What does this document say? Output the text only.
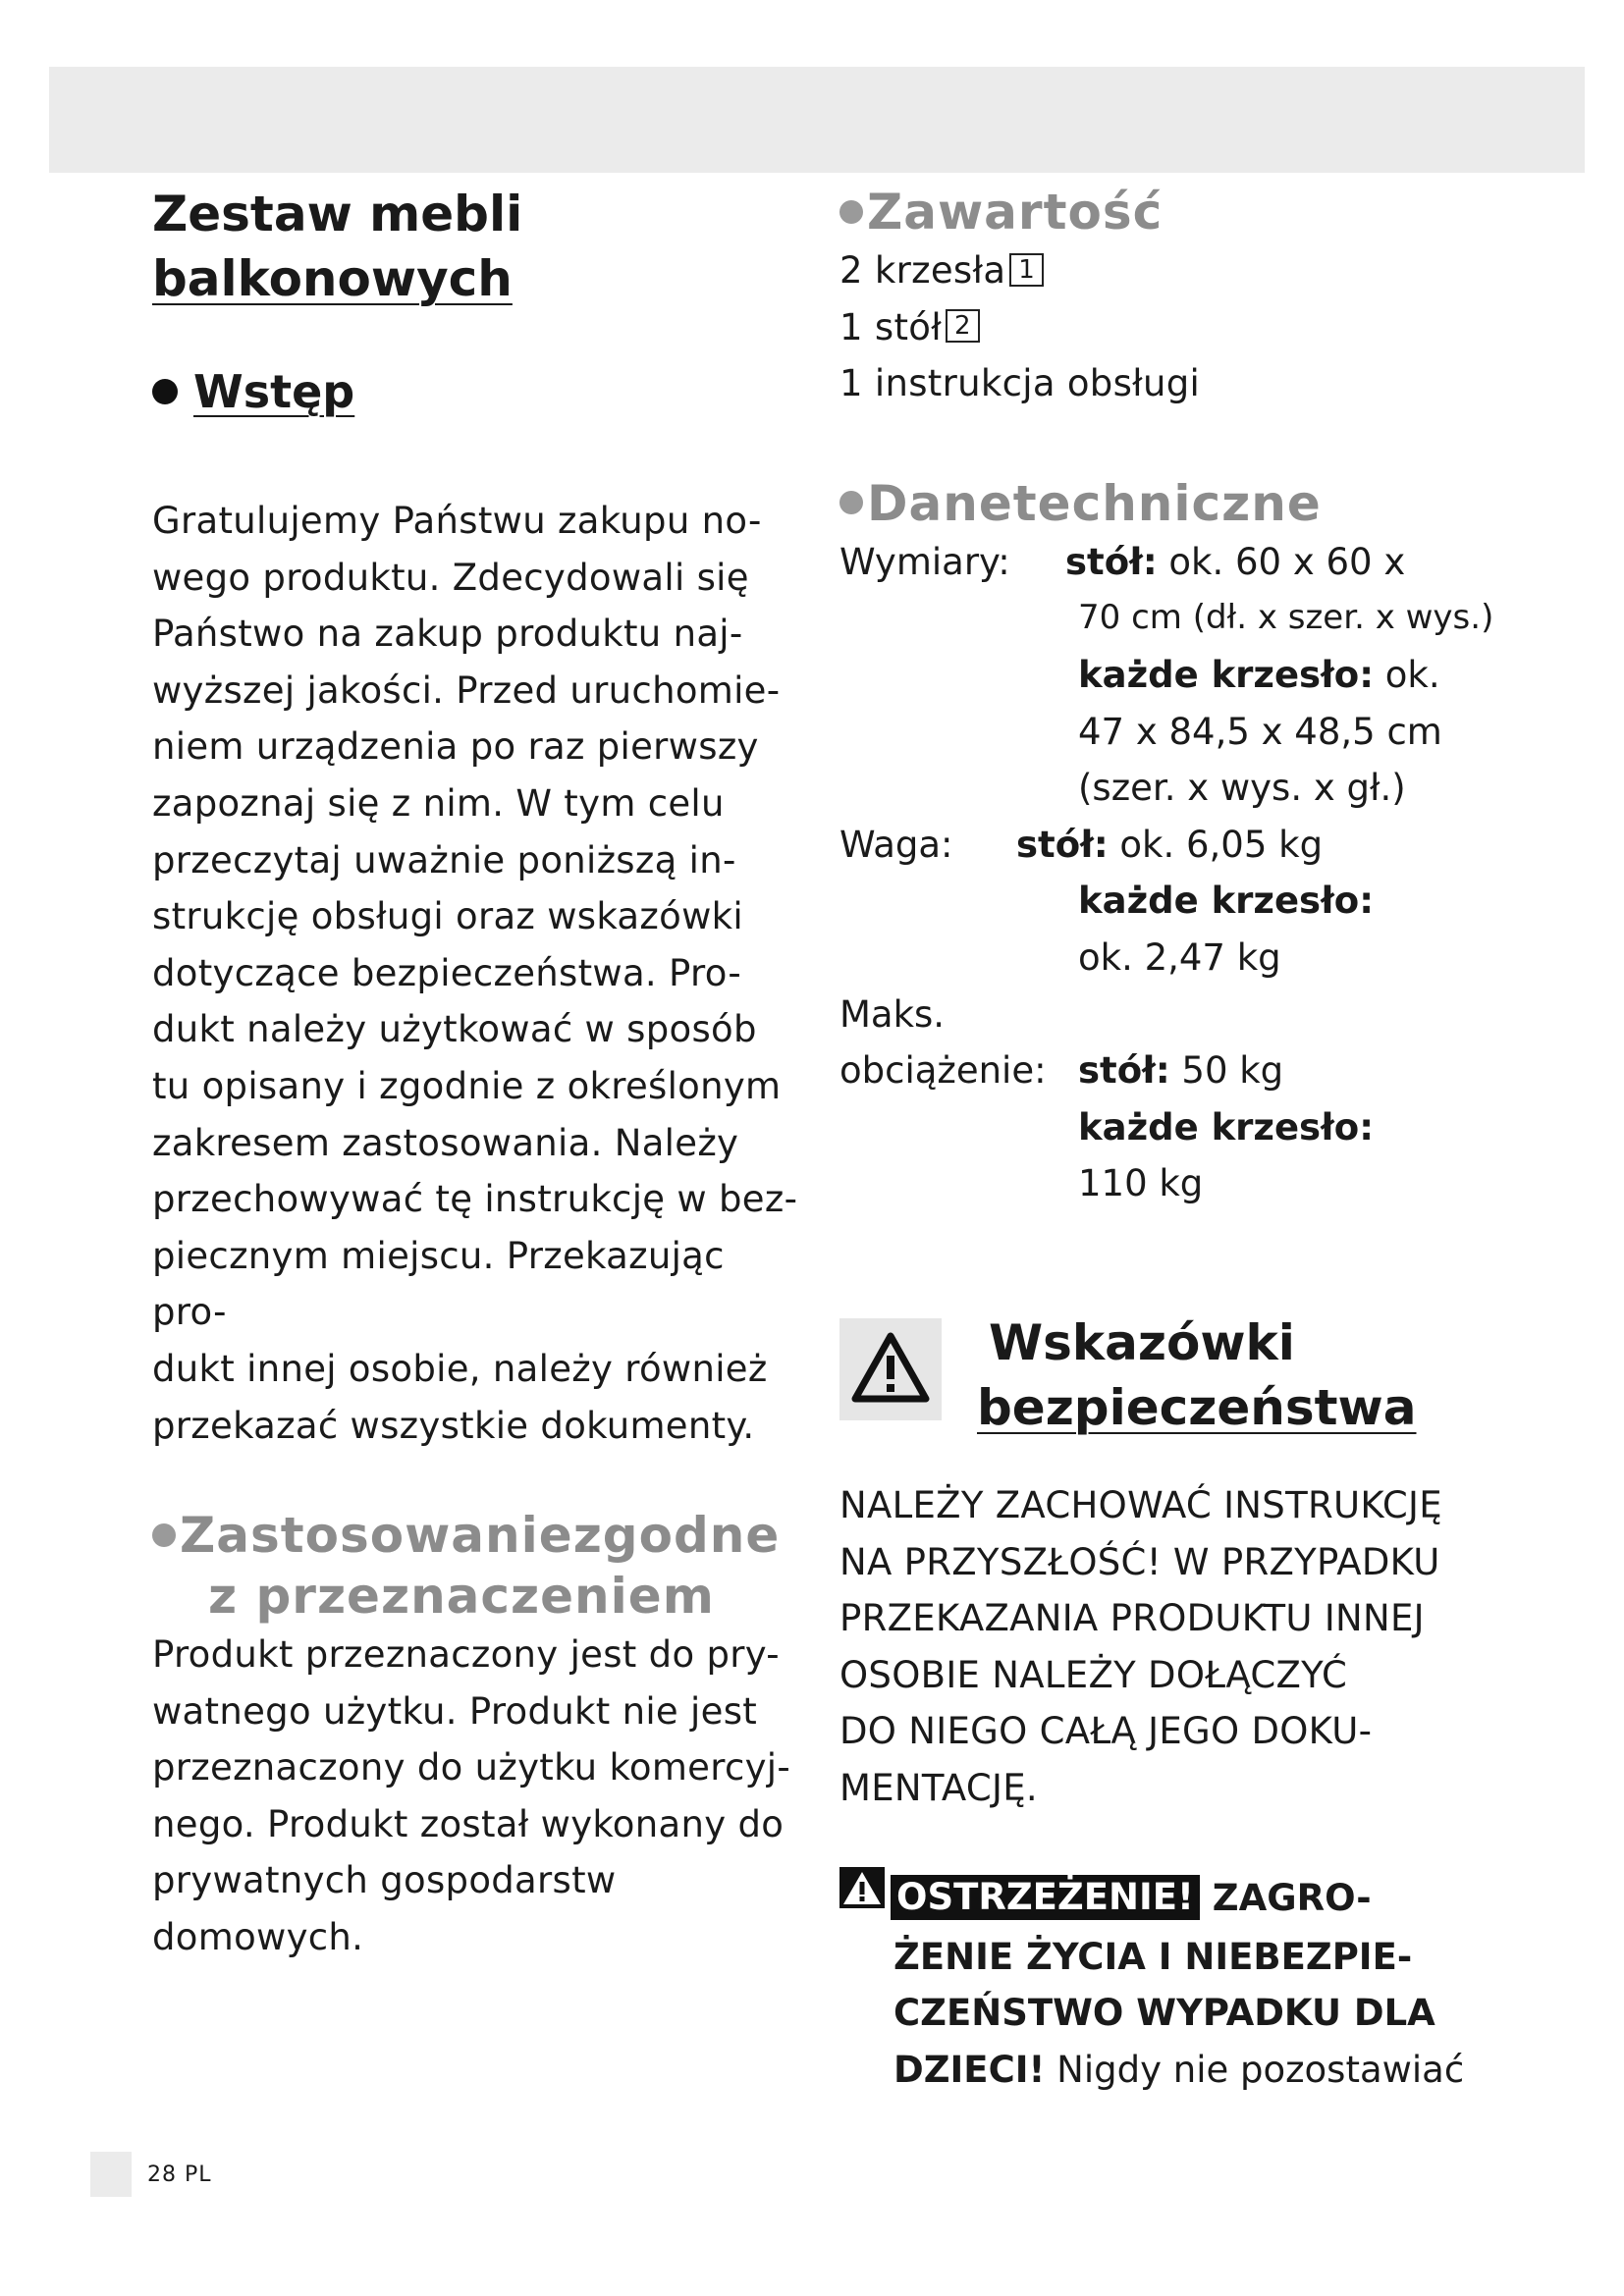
Zestaw mebli
balkonowych
Wstęp
Gratulujemy Państwu zakupu no-
wego produktu. Zdecydowali się
Państwo na zakup produktu naj-
wyższej jakości. Przed uruchomie-
niem urządzenia po raz pierwszy
zapoznaj się z nim. W tym celu
przeczytaj uważnie poniższą in-
strukcję obsługi oraz wskazówki
dotyczące bezpieczeństwa. Pro-
dukt należy użytkować w sposób
tu opisany i zgodnie z określonym
zakresem zastosowania. Należy
przechowywać tę instrukcję w bez-
piecznym miejscu. Przekazując pro-
dukt innej osobie, należy również
przekazać wszystkie dokumenty.
Zastosowaniezgodne
z przeznaczeniem
Produkt przeznaczony jest do pry-
watnego użytku. Produkt nie jest
przeznaczony do użytku komercyj-
nego. Produkt został wykonany do
prywatnych gospodarstw domowych.
Zawartość
2 krzesła 1
1 stół 2
1 instrukcja obsługi
Danetechniczne
Wymiary: stół: ok. 60 x 60 x
70 cm (dł. x szer. x wys.)
każde krzesło: ok.
47 x 84,5 x 48,5 cm
(szer. x wys. x gł.)
Waga: stół: ok. 6,05 kg
każde krzesło:
ok. 2,47 kg
Maks.
obciążenie: stół: 50 kg
każde krzesło:
110 kg
Wskazówki
bezpieczeństwa
NALEŻY ZACHOWAĆ INSTRUKCJĘ
NA PRZYSZŁOŚĆ! W PRZYPADKU
PRZEKAZANIA PRODUKTU INNEJ
OSOBIE NALEŻY DOŁĄCZYĆ
DO NIEGO CAŁĄ JEGO DOKU-
MENTACJĘ.
OSTRZEŻENIE! ZAGRO-
ŻENIE ŻYCIA I NIEBEZPIE-
CZEŃSTWO WYPADKU DLA
DZIECI! Nigdy nie pozostawiać
28 PL
